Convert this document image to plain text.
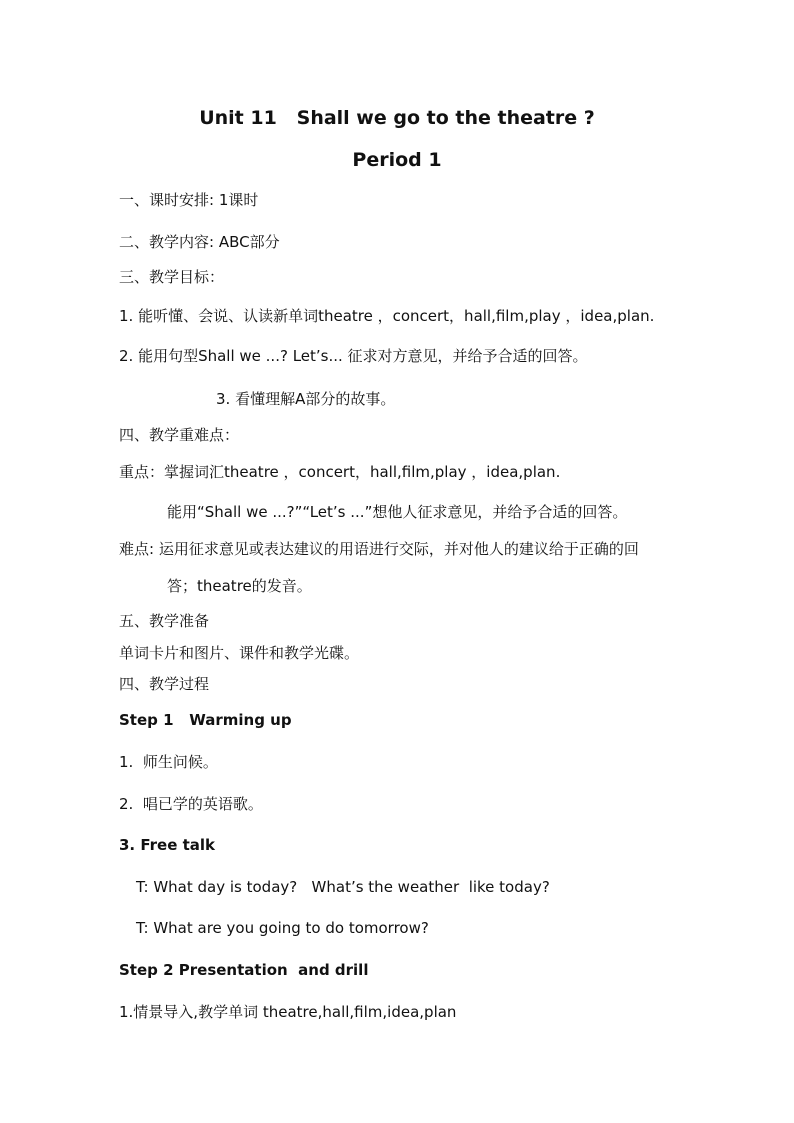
Unit 11   Shall we go to the theatre ?
Period 1
一、课时安排: 1课时
二、教学内容: ABC部分
三、教学目标：
1. 能听懂、会说、认读新单词theatre ，concert，hall,film,play ，idea,plan.
2. 能用句型Shall we ...? Let’s... 征求对方意见，并给予合适的回答。
3. 看懂理解A部分的故事。
四、教学重难点：
重点：掌握词汇theatre ，concert，hall,film,play ，idea,plan.
能用“Shall we ...?”“Let’s ...”想他人征求意见，并给予合适的回答。
难点: 运用征求意见或表达建议的用语进行交际，并对他人的建议给于正确的回
答；theatre的发音。
五、教学准备
单词卡片和图片、课件和教学光碟。
四、教学过程
Step 1   Warming up
1.  师生问候。
2.  唱已学的英语歌。
3. Free talk
T: What day is today?   What’s the weather  like today?
T: What are you going to do tomorrow?
Step 2 Presentation  and drill
1.情景导入,教学单词 theatre,hall,film,idea,plan
